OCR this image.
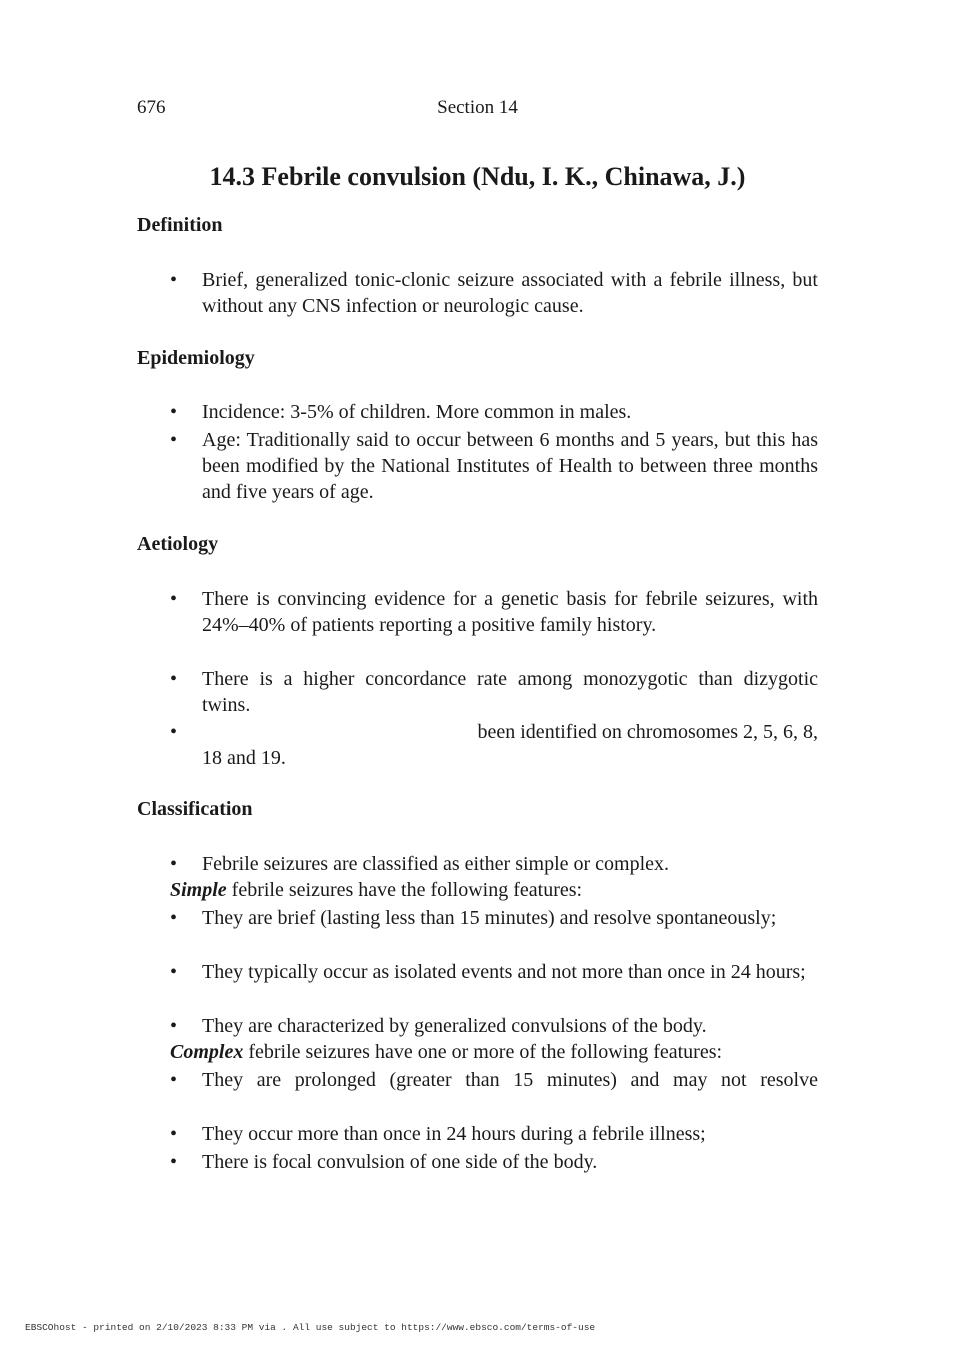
676	Section 14
14.3 Febrile convulsion (Ndu, I. K., Chinawa, J.)
Definition
•	Brief, generalized tonic-clonic seizure associated with a febrile illness, but without any CNS infection or neurologic cause.
Epidemiology
•	Incidence: 3-5% of children. More common in males.
•	Age: Traditionally said to occur between 6 months and 5 years, but this has been modified by the National Institutes of Health to between three months and five years of age.
Aetiology
•	There is convincing evidence for a genetic basis for febrile seizures, with 24%–40% of patients reporting a positive family history.
•	There is a higher concordance rate among monozygotic than dizygotic twins.
•	been identified on chromosomes 2, 5, 6, 8,
18 and 19.
Classification
•	Febrile seizures are classified as either simple or complex.
Simple febrile seizures have the following features:
•	They are brief (lasting less than 15 minutes) and resolve spontaneously;
•	They typically occur as isolated events and not more than once in 24 hours;
•	They are characterized by generalized convulsions of the body.
Complex febrile seizures have one or more of the following features:
•	They are prolonged (greater than 15 minutes) and may not resolve
•	They occur more than once in 24 hours during a febrile illness;
•	There is focal convulsion of one side of the body.
EBSCOhost - printed on 2/10/2023 8:33 PM via . All use subject to https://www.ebsco.com/terms-of-use
